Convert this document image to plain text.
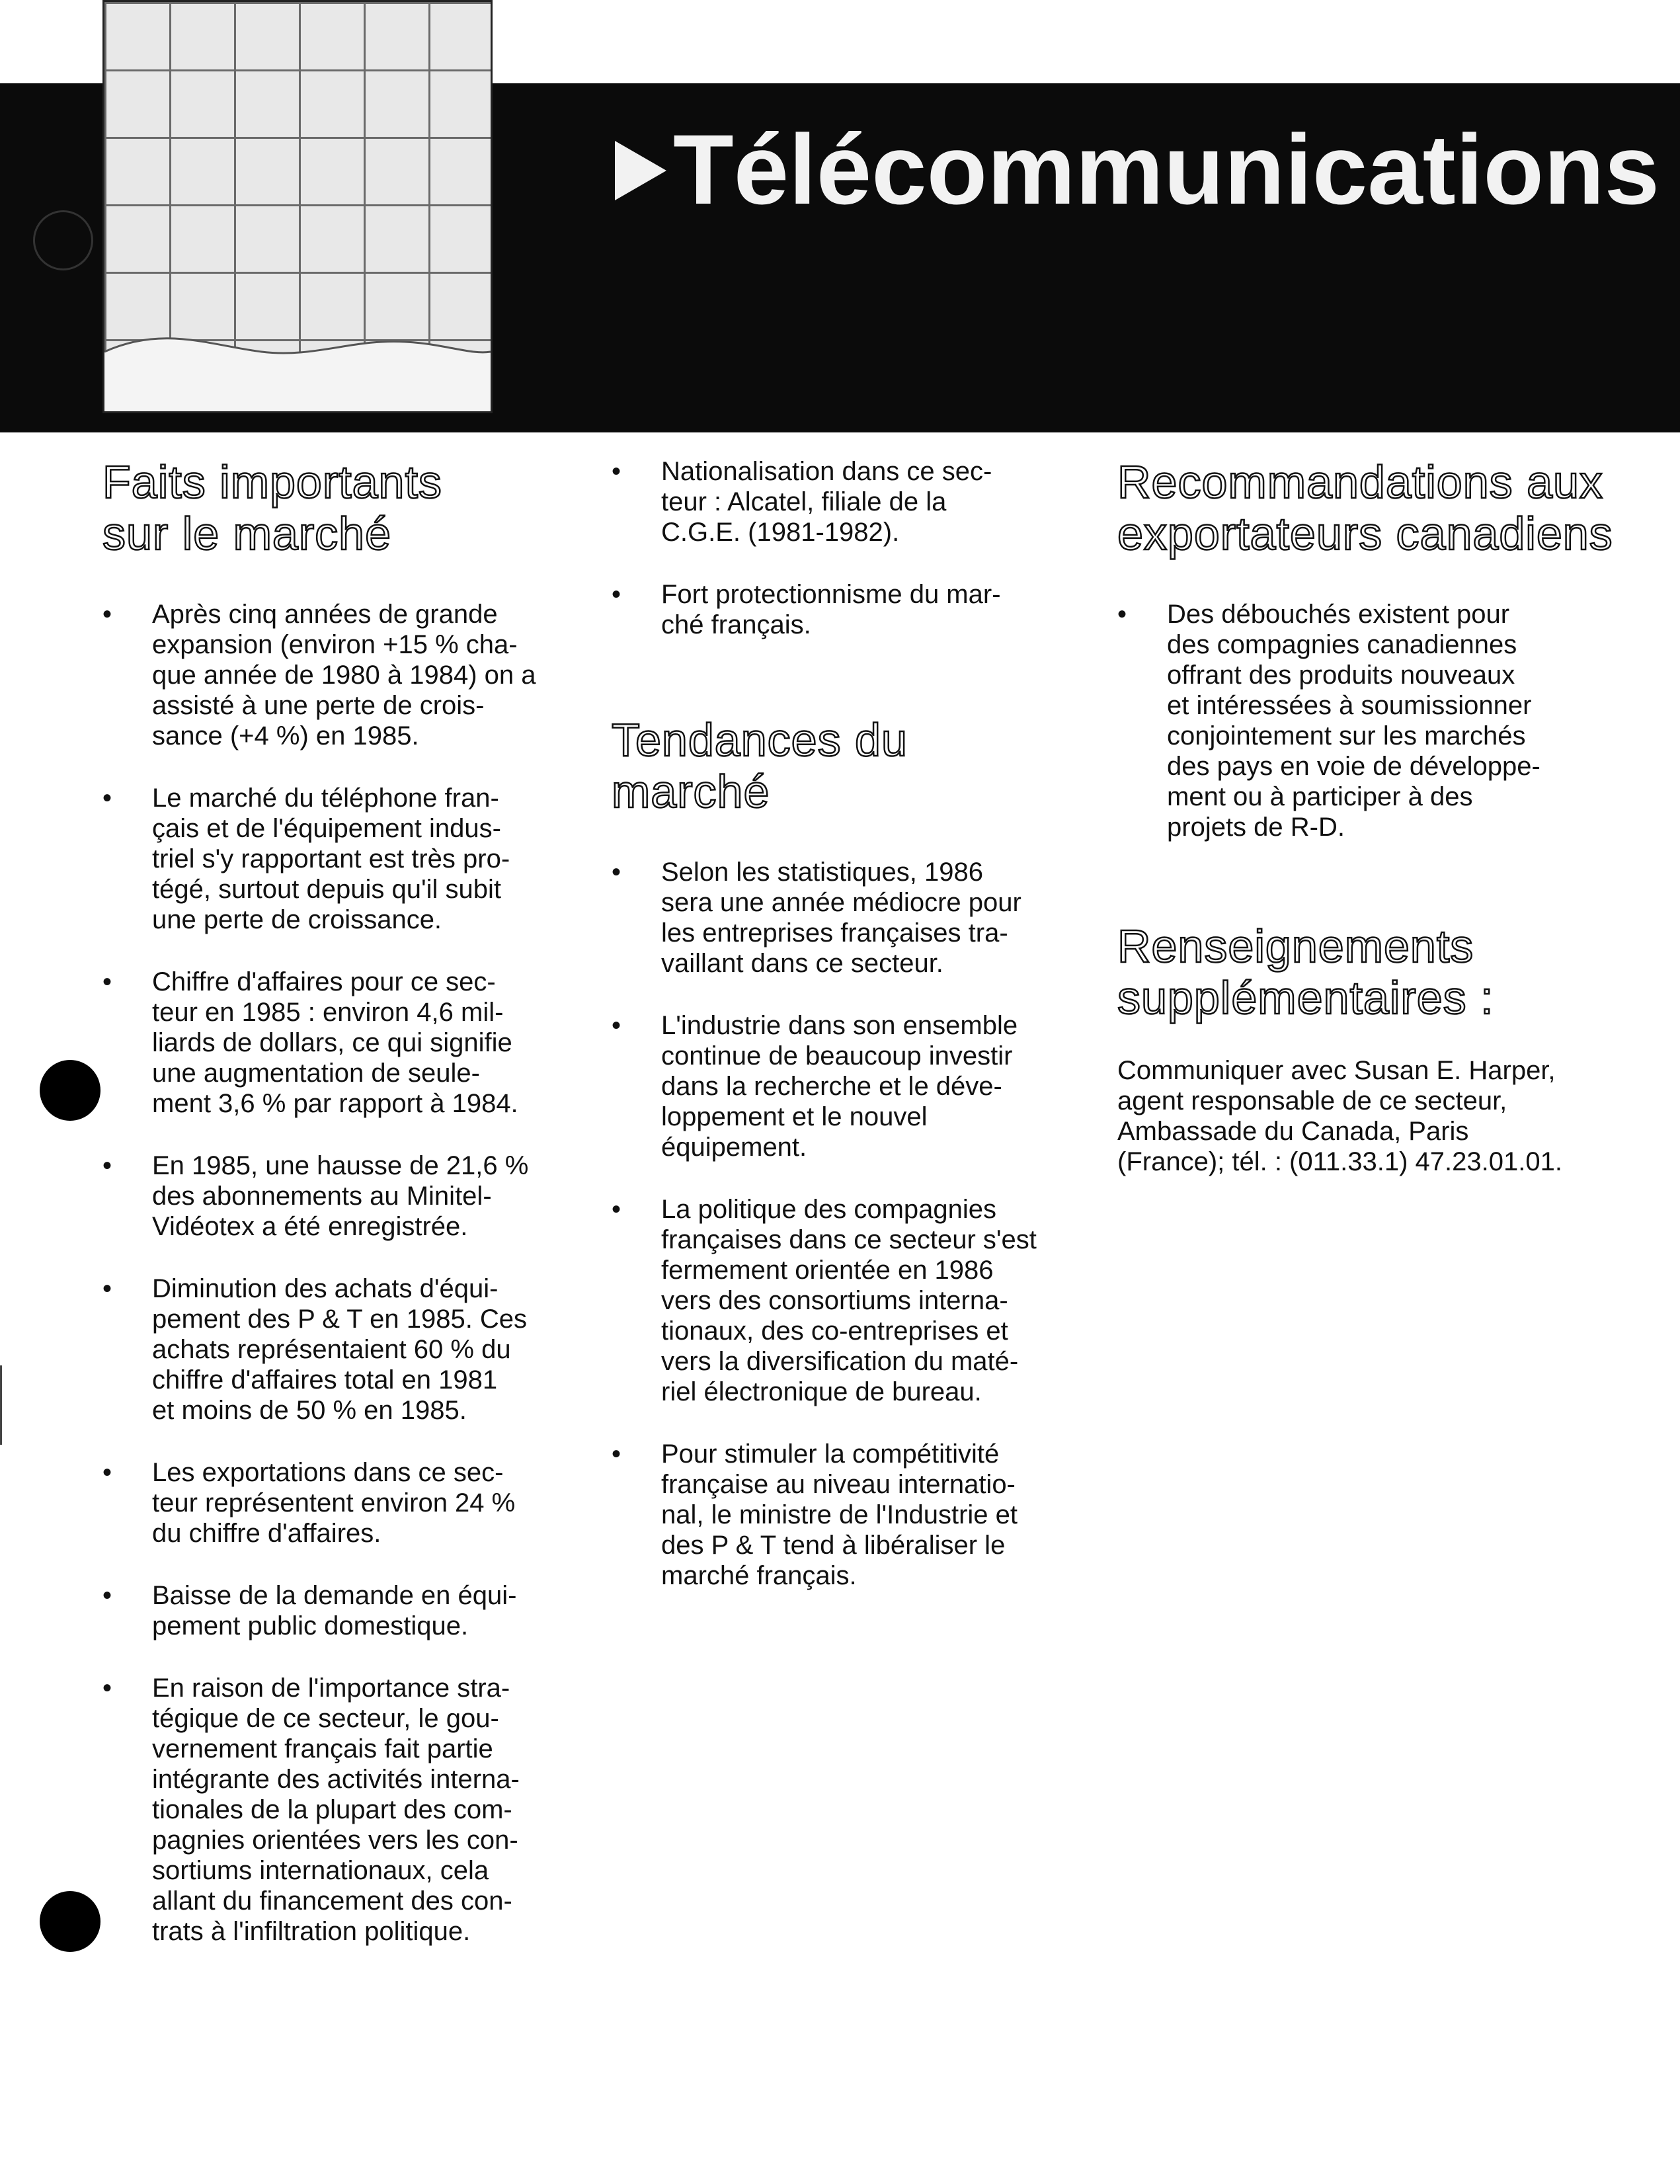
Télécommunications
Faits importants
sur le marché
• Après cinq années de grande
expansion (environ +15 % cha-
que année de 1980 à 1984) on a
assisté à une perte de crois-
sance (+4 %) en 1985.
• Le marché du téléphone fran-
çais et de l'équipement indus-
triel s'y rapportant est très pro-
tégé, surtout depuis qu'il subit
une perte de croissance.
• Chiffre d'affaires pour ce sec-
teur en 1985 : environ 4,6 mil-
liards de dollars, ce qui signifie
une augmentation de seule-
ment 3,6 % par rapport à 1984.
• En 1985, une hausse de 21,6 %
des abonnements au Minitel-
Vidéotex a été enregistrée.
• Diminution des achats d'équi-
pement des P & T en 1985. Ces
achats représentaient 60 % du
chiffre d'affaires total en 1981
et moins de 50 % en 1985.
• Les exportations dans ce sec-
teur représentent environ 24 %
du chiffre d'affaires.
• Baisse de la demande en équi-
pement public domestique.
• En raison de l'importance stra-
tégique de ce secteur, le gou-
vernement français fait partie
intégrante des activités interna-
tionales de la plupart des com-
pagnies orientées vers les con-
sortiums internationaux, cela
allant du financement des con-
trats à l'infiltration politique.
• Nationalisation dans ce sec-
teur : Alcatel, filiale de la
C.G.E. (1981-1982).
• Fort protectionnisme du mar-
ché français.
Tendances du
marché
• Selon les statistiques, 1986
sera une année médiocre pour
les entreprises françaises tra-
vaillant dans ce secteur.
• L'industrie dans son ensemble
continue de beaucoup investir
dans la recherche et le déve-
loppement et le nouvel
équipement.
• La politique des compagnies
françaises dans ce secteur s'est
fermement orientée en 1986
vers des consortiums interna-
tionaux, des co-entreprises et
vers la diversification du maté-
riel électronique de bureau.
• Pour stimuler la compétitivité
française au niveau internatio-
nal, le ministre de l'Industrie et
des P & T tend à libéraliser le
marché français.
Recommandations aux
exportateurs canadiens
• Des débouchés existent pour
des compagnies canadiennes
offrant des produits nouveaux
et intéressées à soumissionner
conjointement sur les marchés
des pays en voie de développe-
ment ou à participer à des
projets de R-D.
Renseignements
supplémentaires :

Communiquer avec Susan E. Harper,
agent responsable de ce secteur,
Ambassade du Canada, Paris
(France); tél. : (011.33.1) 47.23.01.01.
